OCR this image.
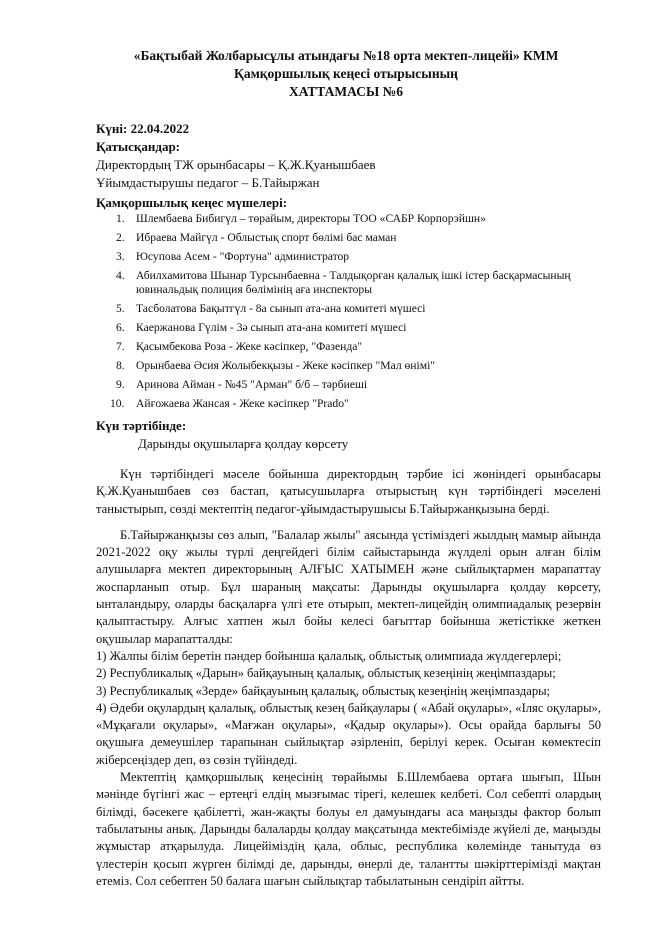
«Бақтыбай Жолбарысұлы атындағы №18 орта мектеп-лицейі» КММ
Қамқоршылық кеңесі отырысының
ХАТТАМАСЫ №6
Күні: 22.04.2022
Қатысқандар:
Директордың ТЖ орынбасары – Қ.Ж.Қуанышбаев
Ұйымдастырушы педагог – Б.Тайыржан
Қамқоршылық кеңес мүшелері:
1. Шлембаева Бибигүл – төрайым, директоры ТОО «САБР Корпорэйшн»
2. Ибраева Майгүл - Облыстық спорт бөлімі бас маман
3. Юсупова Асем - "Фортуна" администратор
4. Абилхамитова Шынар Турсынбаевна - Талдықорған қалалық ішкі істер басқармасының ювинальдық полиция бөлімінің аға инспекторы
5. Тасболатова Бақытгүл - 8а сынып ата-ана комитеті мүшесі
6. Каержанова Гүлім - 3ә сынып ата-ана комитеті мүшесі
7. Қасымбекова Роза - Жеке кәсіпкер, "Фазенда"
8. Орынбаева Әсия Жолыбекқызы - Жеке кәсіпкер "Мал өнімі"
9. Аринова Айман - №45 "Арман" б/б – тәрбиеші
10. Айғожаева Жансая - Жеке кәсіпкер "Prado"
Күн тәртібінде:
Дарынды оқушыларға қолдау көрсету

Күн тәртібіндегі мәселе бойынша директордың тәрбие ісі жөніндегі орынбасары Қ.Ж.Қуанышбаев сөз бастап, қатысушыларға отырыстың күн тәртібіндегі мәселені таныстырып, сөзді мектептің педагог-ұйымдастырушысы Б.Тайыржанқызына берді.

Б.Тайыржанқызы сөз алып, "Балалар жылы" аясында үстіміздегі жылдың мамыр айында 2021-2022 оқу жылы түрлі деңгейдегі білім сайыстарында жүлделі орын алған білім алушыларға мектеп директорының АЛҒЫС ХАТЫМЕН және сыйлықтармен марапаттау жоспарланып отыр. Бұл шараның мақсаты: Дарынды оқушыларға қолдау көрсету, ынталандыру, оларды басқаларға үлгі ете отырып, мектеп-лицейдің олимпиадалық резервін қалыптастыру. Алғыс хатпен жыл бойы келесі бағыттар бойынша жетістікке жеткен оқушылар марапатталды:

1) Жалпы білім беретін пәндер бойынша қалалық, облыстық олимпиада жүлдегерлері;

2) Республикалық «Дарын» байқауының қалалық, облыстық кезеңінің жеңімпаздары;

3) Республикалық «Зерде» байқауының қалалық, облыстық кезеңінің жеңімпаздары;

4) Әдеби оқулардың қалалық, облыстық кезең байқаулары ( «Абай оқулары», «Іляс оқулары», «Мұқағали оқулары», «Мағжан оқулары», «Қадыр оқулары»). Осы орайда барлығы 50 оқушыға демеушілер тарапынан сыйлықтар әзірленіп, берілуі керек. Осыған көмектесіп жіберсеңіздер деп, өз сөзін түйіндеді.

Мектептің қамқоршылық кеңесінің төрайымы Б.Шлембаева ортаға шығып, Шын мәнінде бүгінгі жас – ертеңгі елдің мызғымас тірегі, келешек келбеті. Сол себепті олардың білімді, бәсекеге қабілетті, жан-жақты болуы ел дамуындағы аса маңызды фактор болып табылатыны анық. Дарынды балаларды қолдау мақсатында мектебімізде жүйелі де, маңызды жұмыстар атқарылуда. Лицейіміздің қала, облыс, республика көлемінде танытуда өз үлестерін қосып жүрген білімді де, дарынды, өнерлі де, талантты шәкірттерімізді мақтан етеміз. Сол себептен 50 балаға шағын сыйлықтар табылатынын сендіріп айтты.
